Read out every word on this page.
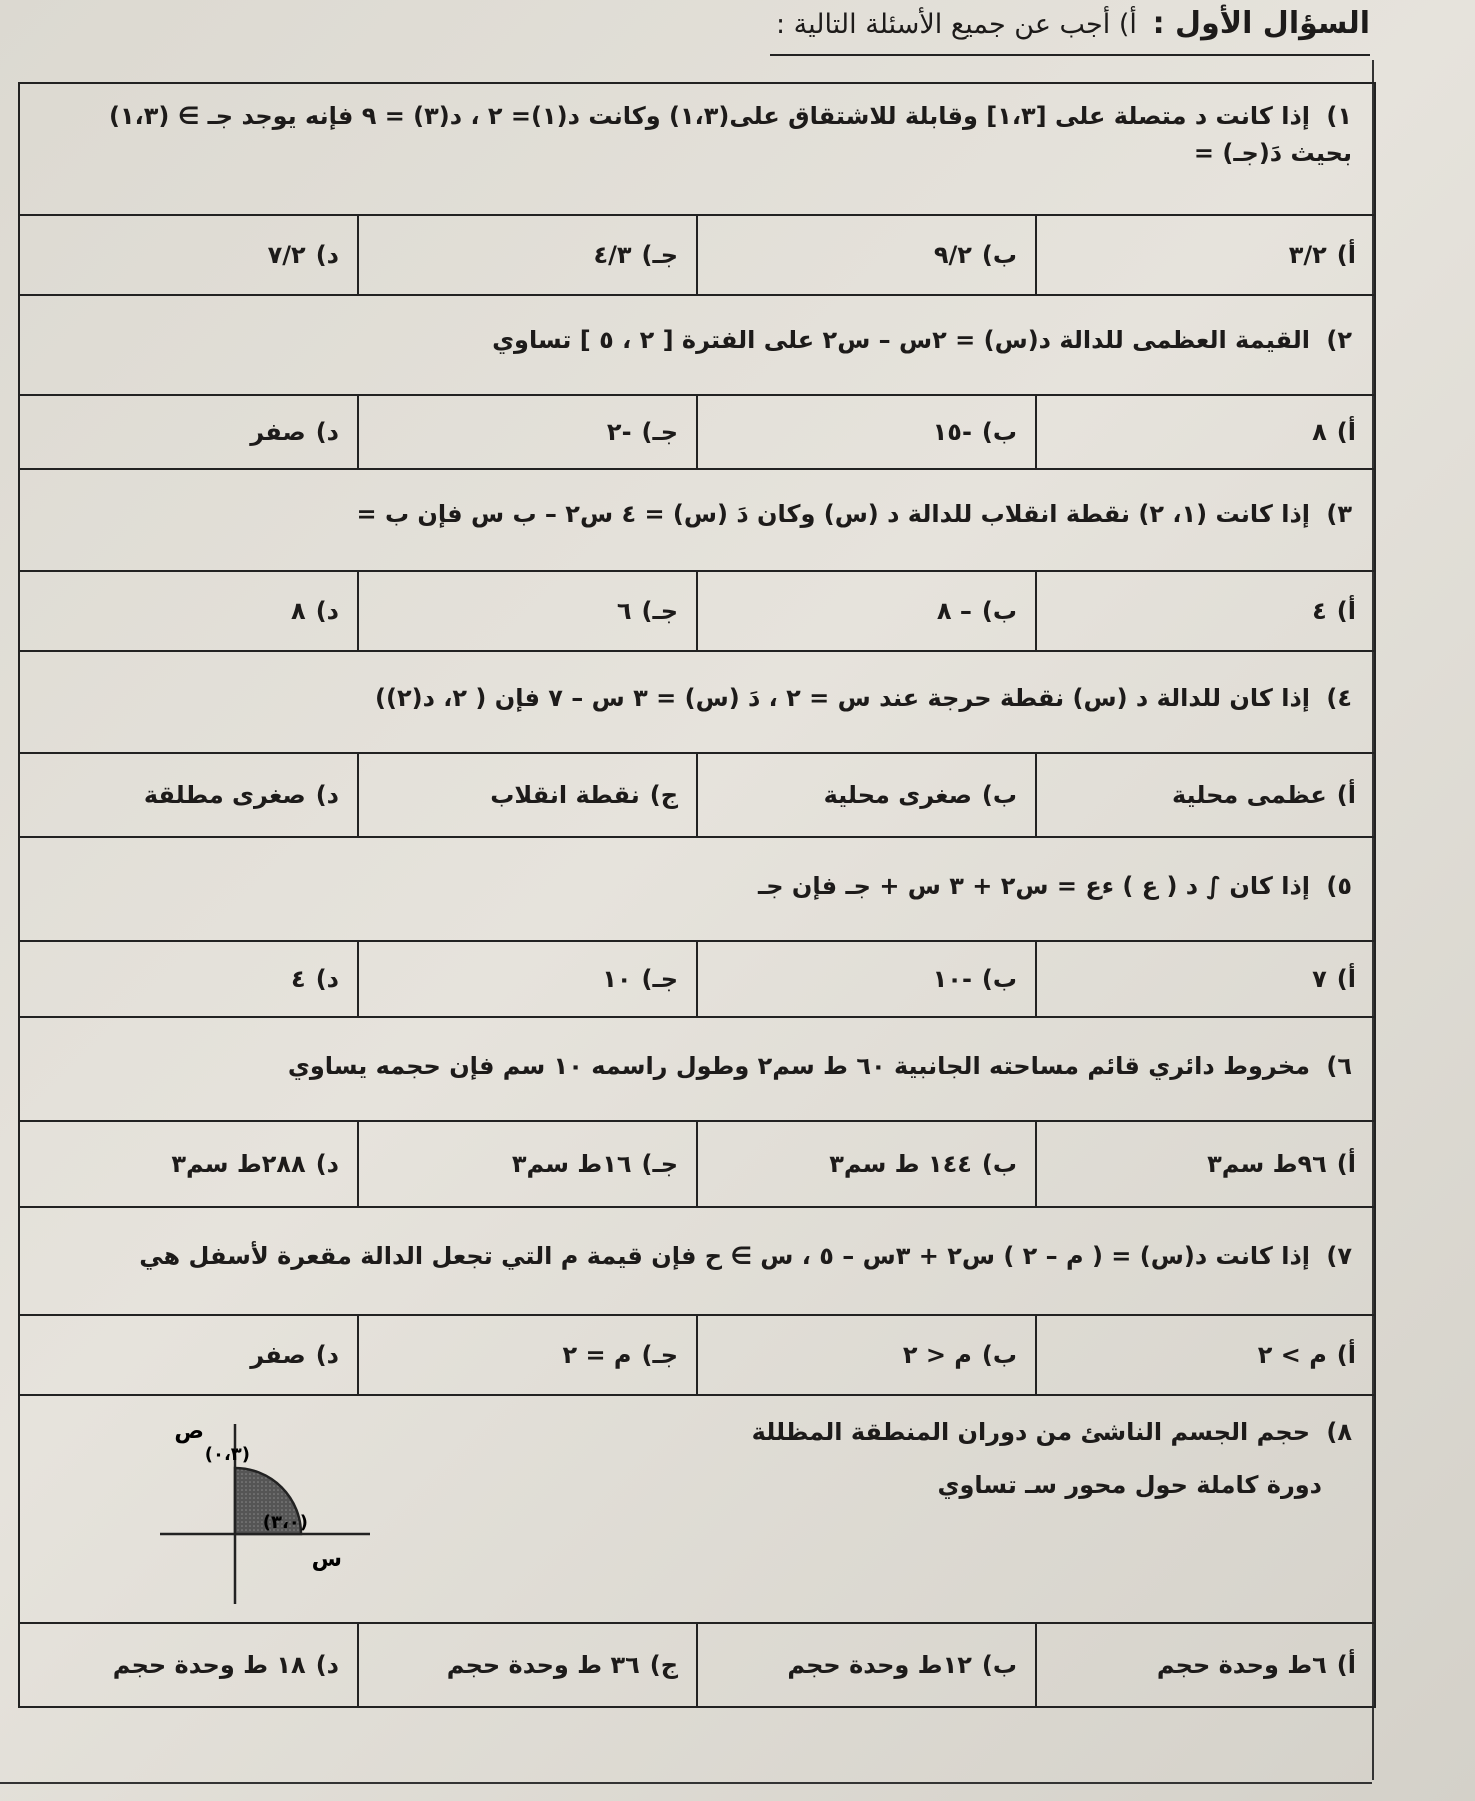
السؤال الأول : أ) أجب عن جميع الأسئلة التالية :
١) إذا كانت د متصلة على [١،٣] وقابلة للاشتقاق على(١،٣) وكانت د(١)= ٢ ، د(٣) = ٩ فإنه يوجد جـ ∋ (١،٣) بحيث دَ(جـ) =
أ)
٣/٢
ب)
٩/٢
جـ)
٤/٣
د)
٧/٢
٢) القيمة العظمى للدالة د(س) = ٢س – س٢ على الفترة [ ٢ ، ٥ ] تساوي
أ)
٨
ب)
-١٥
جـ)
-٢
د)
صفر
٣) إذا كانت (١، ٢) نقطة انقلاب للدالة د (س) وكان دَ (س) = ٤ س٢ – ب س فإن ب =
أ)
٤
ب)
– ٨
جـ)
٦
د)
٨
٤) إذا كان للدالة د (س) نقطة حرجة عند س = ٢ ، دَ (س) = ٣ س – ٧ فإن ( ٢، د(٢))
أ)
عظمى محلية
ب)
صغرى محلية
ج)
نقطة انقلاب
د)
صغرى مطلقة
٥) إذا كان ∫ د ( ع ) ءع = س٢ + ٣ س + جـ فإن جـ
أ)
٧
ب)
-١٠
جـ)
١٠
د)
٤
٦) مخروط دائري قائم مساحته الجانبية ٦٠ ط سم٢ وطول راسمه ١٠ سم فإن حجمه يساوي
أ)
٩٦ط سم٣
ب)
١٤٤ ط سم٣
جـ)
١٦ط سم٣
د)
٢٨٨ط سم٣
٧) إذا كانت د(س) = ( م – ٢ ) س٢ + ٣س – ٥ ، س ∋ ح فإن قيمة م التي تجعل الدالة مقعرة لأسفل هي
أ)
م > ٢
ب)
م < ٢
جـ)
م = ٢
د)
صفر
٨) حجم الجسم الناشئ من دوران المنطقة المظللة
دورة كاملة حول محور سـ تساوي
ص
(٠،٣)
(٣،٠)
س
أ)
٦ط وحدة حجم
ب)
١٢ط وحدة حجم
ج)
٣٦ ط وحدة حجم
د)
١٨ ط وحدة حجم
